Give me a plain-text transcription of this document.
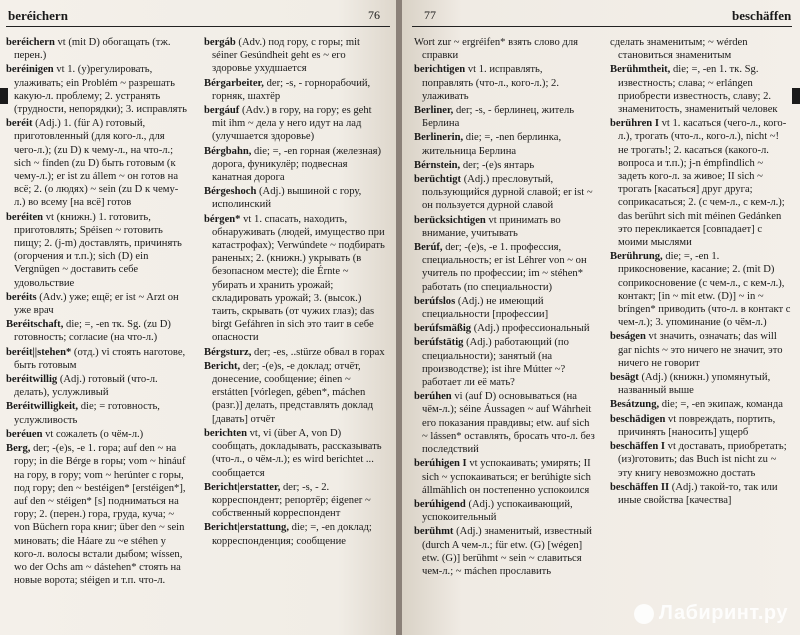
beréichern	76
beréichern vt (mit D) обогащать (тж. перен.)
beréinigen vt 1. (у)регулировать, улаживать; ein Problém ~ разрешать какую-л. проблему; 2. устранять (трудности, непорядки); 3. исправлять
beréit (Adj.) 1. (für A) готовый, приготовленный (для кого-л., для чего-л.); (zu D) к чему-л., на что-л.; sich ~ fínden (zu D) быть готовым (к чему-л.); er ist zu állem ~ он готов на всё; 2. (о людях) ~ sein (zu D к чему-л.) во всему [на всё] готов
beréiten vt (книжн.) 1. готовить, приготовлять; Spéisen ~ готовить пищу; 2. (j-m) доставлять, причинять (огорчения и т.п.); sich (D) ein Vergnügen ~ доставить себе удовольствие
beréits (Adv.) уже; ещё; er ist ~ Arzt он уже врач
Beréitschaft, die; =, -en тк. Sg. (zu D) готовность; согласие (на что-л.)
beréit||stehen* (отд.) vi стоять наготове, быть готовым
beréitwillig (Adj.) готовый (что-л. делать), услужливый
Beréitwilligkeit, die; = готовность, услужливость
beréuen vt сожалеть (о чём-л.)
Berg, der; -(e)s, -e 1. гора; auf den ~ на гору; in die Bérge в горы; vom ~ hináuf на гору, в гору; vom ~ herúnter с горы, под гору; den ~ bestéigen* [erstéigen*], auf den ~ stéigen* [s] подниматься на гору; 2. (перен.) гора, груда, куча; ~ von Büchern гора книг; über den ~ sein миновать; die Háare zu ~e stéhen у кого-л. волосы встали дыбом; wíssen, wo der Ochs am ~ dástehen* стоять на новые ворота; stéigen и т.п. что-л.
bergáb (Adv.) под гору, с горы; mit séiner Gesúndheit geht es ~ его здоровье ухудшается
Bérgarbeiter, der; -s, - горнорабочий, горняк, шахтёр
bergáuf (Adv.) в гору, на гору; es geht mit ihm ~ дела у него идут на лад (улучшается здоровье)
Bérgbahn, die; =, -en горная (железная) дорога, фуникулёр; подвесная канатная дорога
Bérgeshoch (Adj.) вышиной с гору, исполинский
bérgen* vt 1. спасать, находить, обнаруживать (людей, имущество при катастрофах); Verwúndete ~ подбирать раненых; 2. (книжн.) укрывать (в безопасном месте); die Érnte ~ убирать и хранить урожай; складировать урожай; 3. (высок.) таить, скрывать (от чужих глаз); das birgt Gefáhren in sich это таит в себе опасности
Bérgsturz, der; -es, ..stürze обвал в горах
Bericht, der; -(e)s, -e доклад; отчёт, донесение, сообщение; éinen ~ erstátten [vórlegen, gében*, máchen (разг.)] делать, представлять доклад [давать] отчёт
berichten vt, vi (über A, von D) сообщать, докладывать, рассказывать (что-л., о чём-л.); es wird berichtet ... сообщается
Bericht|erstatter, der; -s, - 2. корреспондент; репортёр; éigener ~ собственный корреспондент
Bericht|erstattung, die; =, -en доклад; корреспонденция; сообщение
77	beschäffen
Wort zur ~ ergréifen* взять слово для справки
berichtigen vt 1. исправлять, поправлять (что-л., кого-л.); 2. улаживать
Berliner, der; -s, - берлинец, житель Берлина
Berlinerin, die; =, -nen берлинка, жительница Берлина
Bérnstein, der; -(e)s янтарь
berüchtigt (Adj.) пресловутый, пользующийся дурной славой; er ist ~ он пользуется дурной славой
berücksichtigen vt принимать во внимание, учитывать
Berúf, der; -(e)s, -e 1. профессия, специальность; er ist Léhrer von ~ он учитель по профессии; im ~ stéhen* работать (по специальности)
berúfslos (Adj.) не имеющий специальности [профессии]
berúfsmäßig (Adj.) профессиональный
berúfstätig (Adj.) работающий (по специальности); занятый (на производстве); ist ihre Mútter ~? работает ли её мать?
berúhen vi (auf D) основываться (на чём-л.); séine Áussagen ~ auf Wáhrheit его показания правдивы; etw. auf sich ~ lássen* оставлять, бросать что-л. без последствий
berúhigen I vt успокаивать; умирять; II sich ~ успокаиваться; er berúhigte sich állmählich он постепенно успокоился
berúhigend (Adj.) успокаивающий, успокоительный
berühmt (Adj.) знаменитый, известный (durch A чем-л.; für etw. (G) [wégen] etw. (G)] berühmt ~ sein ~ славиться чем-л.; ~ máchen прославить
сделать знаменитым; ~ wérden становиться знаменитым
Berühmtheit, die; =, -en 1. тк. Sg. известность; слава; ~ erlángen приобрести известность, славу; 2. знаменитость, знаменитый человек
berühren I vt 1. касаться (чего-л., кого-л.), трогать (что-л., кого-л.), nicht ~! не трогать!; 2. касаться (какого-л. вопроса и т.п.); j-n émpfindlich ~ задеть кого-л. за живое; II sich ~ трогать [касаться] друг друга; соприкасаться; 2. (с чем-л., с кем-л.); das berührt sich mit méinen Gedánken это перекликается [совпадает] с моими мыслями
Berührung, die; =, -en 1. прикосновение, касание; 2. (mit D) соприкосновение (с чем-л., с кем-л.), контакт; [in ~ mit etw. (D)] ~ in ~ bríngen* приводить (что-л. в контакт с чем-л.); 3. упоминание (о чём-л.)
beságen vt значить, означать; das will gar nichts ~ это ничего не значит, это ничего не говорит
besägt (Adj.) (книжн.) упомянутый, названный выше
Besátzung, die; =, -en экипаж, команда
beschädigen vt повреждать, портить, причинять [наносить] ущерб
beschäffen I vt доставать, приобретать; (из)готовить; das Buch ist nicht zu ~ эту книгу невозможно достать
beschäffen II (Adj.) такой-то, так или иные свойства [качества]
Лабиринт.ру
